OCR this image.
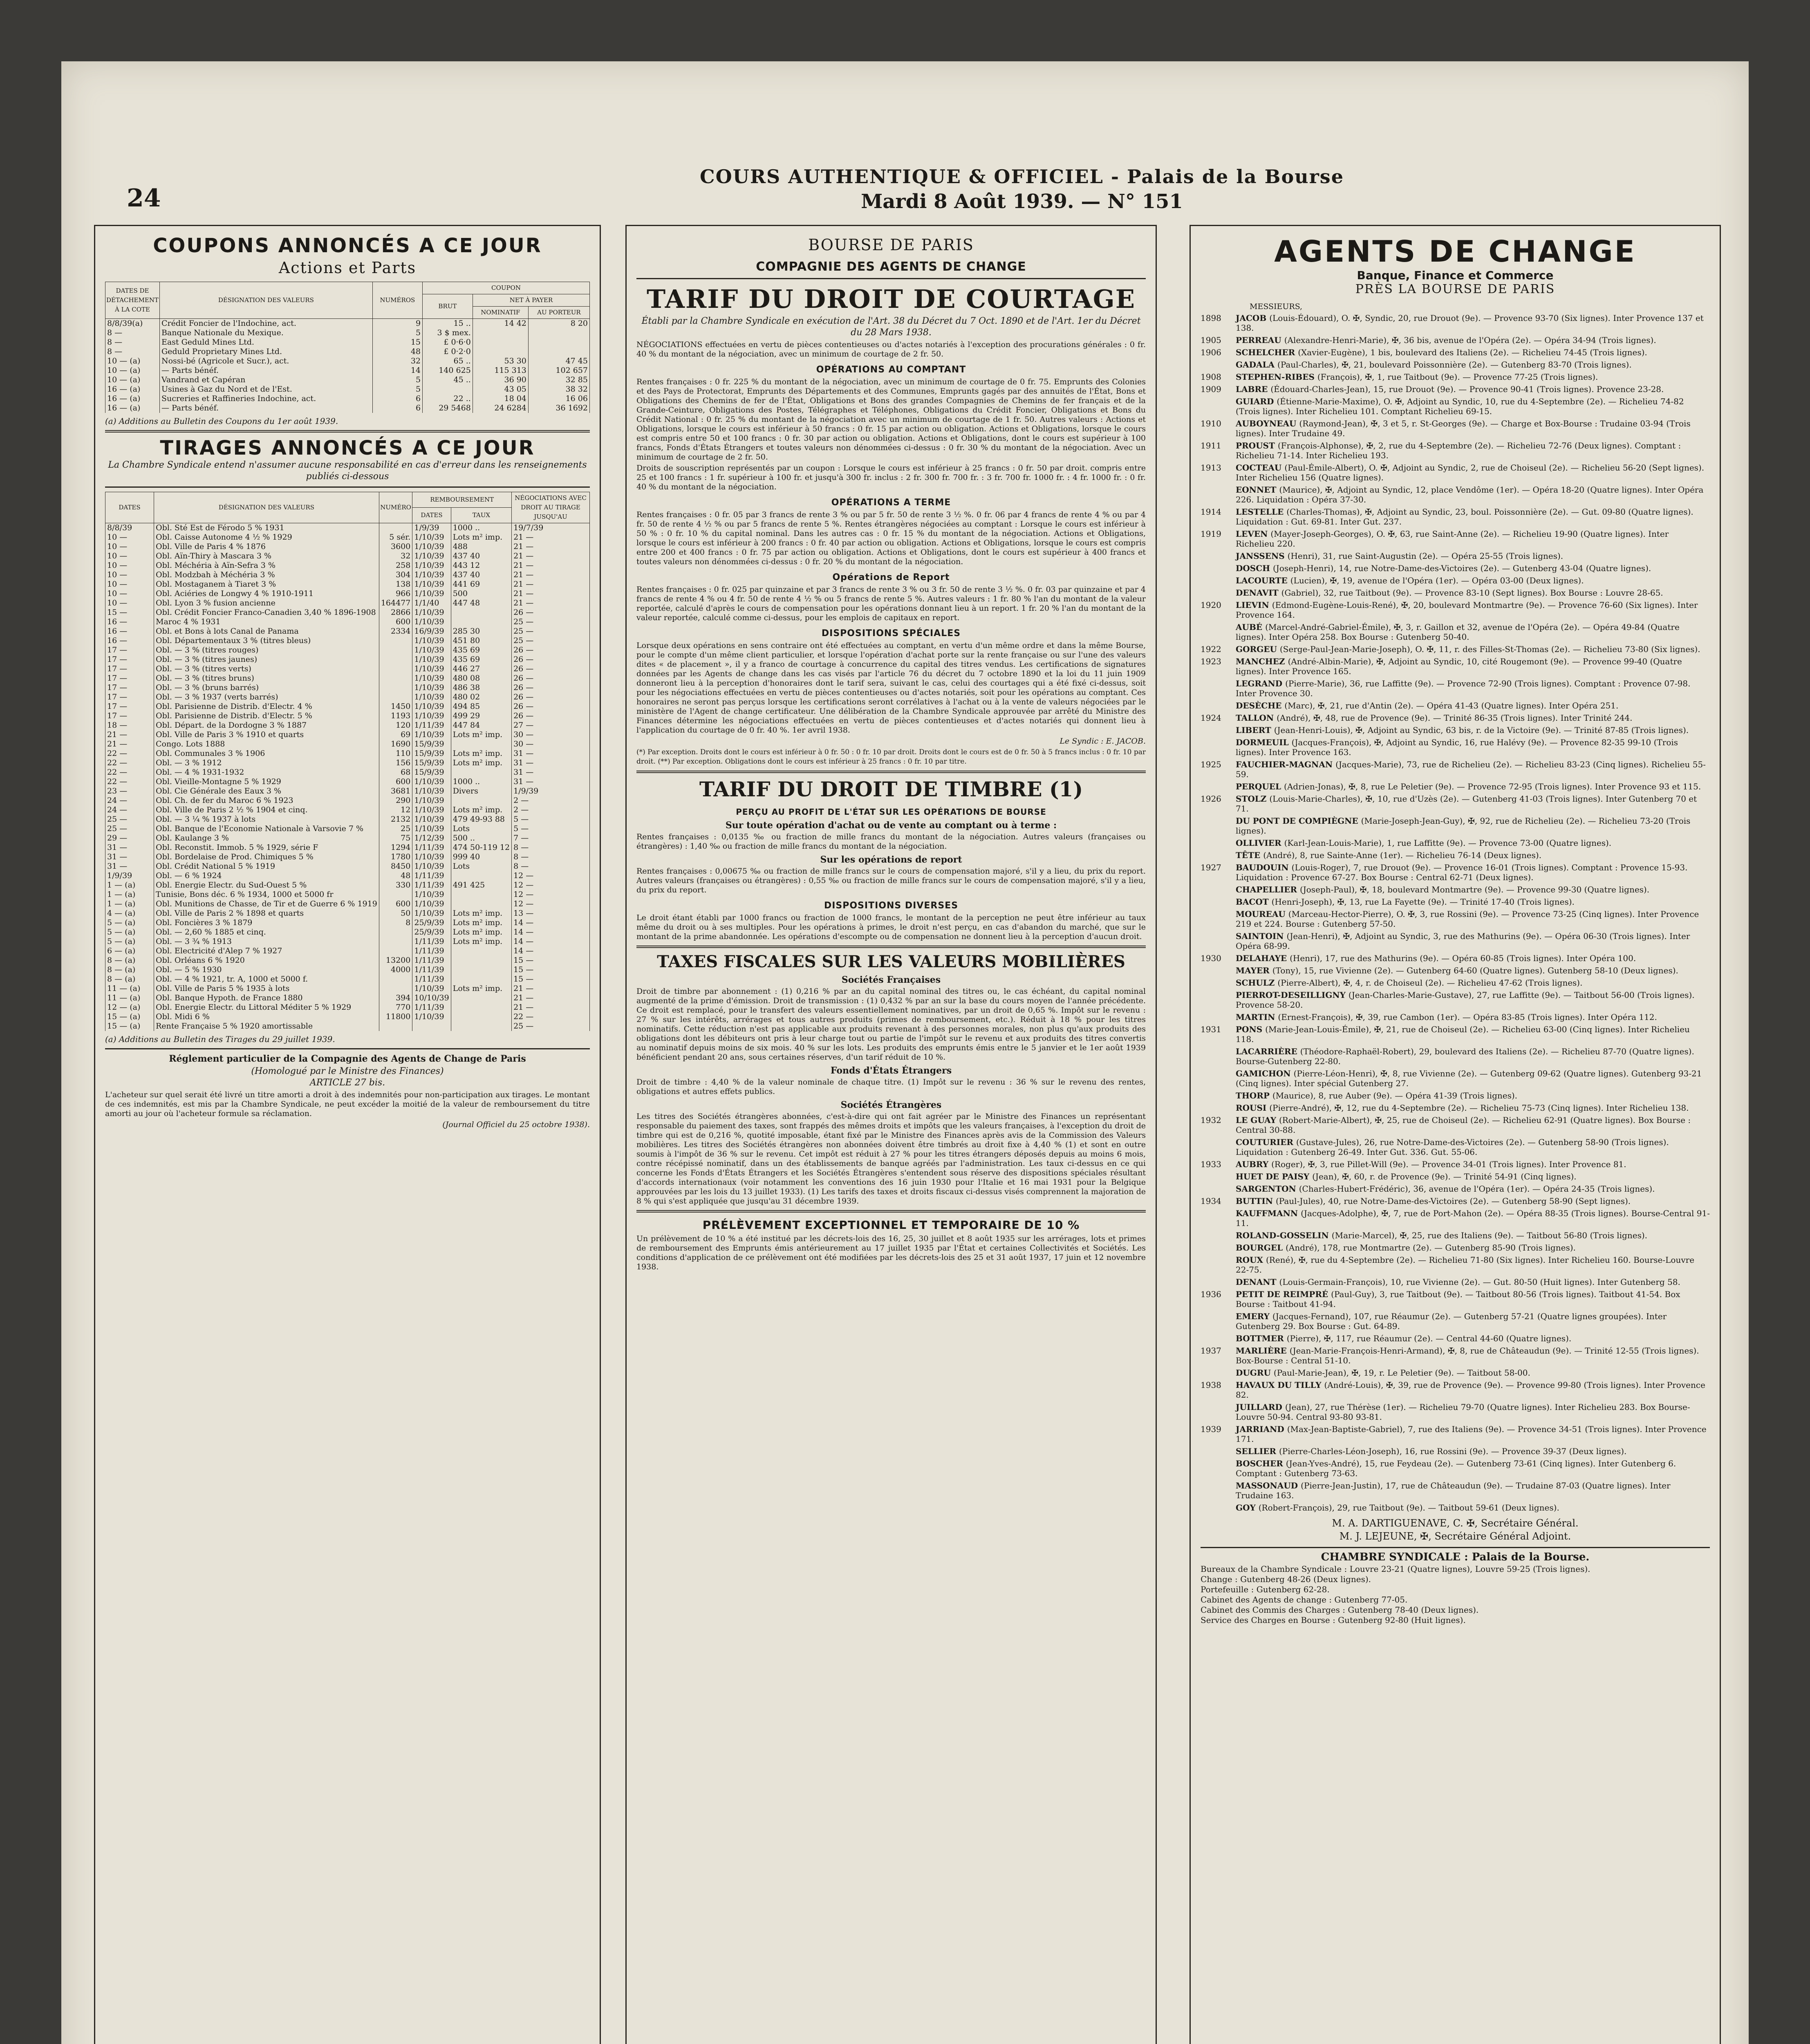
24
COURS AUTHENTIQUE & OFFICIEL - Palais de la Bourse
Mardi 8 Août 1939. — N° 151
COUPONS ANNONCÉS A CE JOUR
Actions et Parts
DATES DE DÉTACHEMENT À LA COTE	DÉSIGNATION DES VALEURS	NUMÉROS	COUPON		
			BRUT	NET À PAYER	
				NOMINATIF	AU PORTEUR
8/8/39(a)	Crédit Foncier de l'Indochine, act.	9	15 ..	14 42	8 20
8 —	Banque Nationale du Mexique.	5	3 $ mex.		
8 —	East Geduld Mines Ltd.	15	£ 0·6·0		
8 —	Geduld Proprietary Mines Ltd.	48	£ 0·2·0		
10 — (a)	Nossi-bé (Agricole et Sucr.), act.	32	65 ..	53 30	47 45
10 — (a)	— Parts bénéf.	14	140 625	115 313	102 657
10 — (a)	Vandrand et Capéran	5	45 ..	36 90	32 85
16 — (a)	Usines à Gaz du Nord et de l'Est.	5		43 05	38 32
16 — (a)	Sucreries et Raffineries Indochine, act.	6	22 ..	18 04	16 06
16 — (a)	— Parts bénéf.	6	29 5468	24 6284	36 1692
(a) Additions au Bulletin des Coupons du 1er août 1939.
TIRAGES ANNONCÉS A CE JOUR
La Chambre Syndicale entend n'assumer aucune responsabilité en cas d'erreur dans les renseignements publiés ci-dessous
DATES	DÉSIGNATION DES VALEURS	NUMÉRO	REMBOURSEMENT		NÉGOCIATIONS AVEC DROIT AU TIRAGE JUSQU'AU
			DATES	TAUX	
8/8/39	Obl. Sté Est de Férodo 5 % 1931		1/9/39	1000 ..	19/7/39
10 —	Obl. Caisse Autonome 4 ½ % 1929	5 sér.	1/10/39	Lots m² imp.	21 —
10 —	Obl. Ville de Paris 4 % 1876	3600	1/10/39	488	21 —
10 —	Obl. Aïn-Thiry à Mascara 3 %	32	1/10/39	437 40	21 —
10 —	Obl. Méchéria à Aïn-Sefra 3 %	258	1/10/39	443 12	21 —
10 —	Obl. Modzbah à Méchéria 3 %	304	1/10/39	437 40	21 —
10 —	Obl. Mostaganem à Tiaret 3 %	138	1/10/39	441 69	21 —
10 —	Obl. Aciéries de Longwy 4 % 1910-1911	966	1/10/39	500	21 —
10 —	Obl. Lyon 3 % fusion ancienne	164477	1/1/40	447 48	21 —
15 —	Obl. Crédit Foncier Franco-Canadien 3,40 % 1896-1908	2866	1/10/39		26 —
16 —	Maroc 4 % 1931	600	1/10/39		25 —
16 —	Obl. et Bons à lots Canal de Panama	2334	16/9/39	285 30	25 —
16 —	Obl. Départementaux 3 % (titres bleus)		1/10/39	451 80	25 —
17 —	Obl. — 3 % (titres rouges)		1/10/39	435 69	26 —
17 —	Obl. — 3 % (titres jaunes)		1/10/39	435 69	26 —
17 —	Obl. — 3 % (titres verts)		1/10/39	446 27	26 —
17 —	Obl. — 3 % (titres bruns)		1/10/39	480 08	26 —
17 —	Obl. — 3 % (bruns barrés)		1/10/39	486 38	26 —
17 —	Obl. — 3 % 1937 (verts barrés)		1/10/39	480 02	26 —
17 —	Obl. Parisienne de Distrib. d'Electr. 4 %	1450	1/10/39	494 85	26 —
17 —	Obl. Parisienne de Distrib. d'Electr. 5 %	1193	1/10/39	499 29	26 —
18 —	Obl. Départ. de la Dordogne 3 % 1887	120	1/11/39	447 84	27 —
21 —	Obl. Ville de Paris 3 % 1910 et quarts	69	1/10/39	Lots m² imp.	30 —
21 —	Congo. Lots 1888	1690	15/9/39		30 —
22 —	Obl. Communales 3 % 1906	110	15/9/39	Lots m² imp.	31 —
22 —	Obl. — 3 % 1912	156	15/9/39	Lots m² imp.	31 —
22 —	Obl. — 4 % 1931-1932	68	15/9/39		31 —
22 —	Obl. Vieille-Montagne 5 % 1929	600	1/10/39	1000 ..	31 —
23 —	Obl. Cie Générale des Eaux 3 %	3681	1/10/39	Divers	1/9/39
24 —	Obl. Ch. de fer du Maroc 6 % 1923	290	1/10/39		2 —
24 —	Obl. Ville de Paris 2 ½ % 1904 et cinq.	12	1/10/39	Lots m² imp.	2 —
25 —	Obl. — 3 ¼ % 1937 à lots	2132	1/10/39	479 49-93 88	5 —
25 —	Obl. Banque de l'Economie Nationale à Varsovie 7 %	25	1/10/39	Lots	5 —
29 —	Obl. Kaulange 3 %	75	1/12/39	500 ..	7 —
31 —	Obl. Reconstit. Immob. 5 % 1929, série F	1294	1/11/39	474 50-119 12	8 —
31 —	Obl. Bordelaise de Prod. Chimiques 5 %	1780	1/10/39	999 40	8 —
31 —	Obl. Crédit National 5 % 1919	8450	1/10/39	Lots	8 —
1/9/39	Obl. — 6 % 1924	48	1/11/39		12 —
1 — (a)	Obl. Energie Electr. du Sud-Ouest 5 %	330	1/11/39	491 425	12 —
1 — (a)	Tunisie, Bons déc. 6 % 1934, 1000 et 5000 fr		1/10/39		12 —
1 — (a)	Obl. Munitions de Chasse, de Tir et de Guerre 6 % 1919	600	1/10/39		12 —
4 — (a)	Obl. Ville de Paris 2 % 1898 et quarts	50	1/10/39	Lots m² imp.	13 —
5 — (a)	Obl. Foncières 3 % 1879	8	25/9/39	Lots m² imp.	14 —
5 — (a)	Obl. — 2,60 % 1885 et cinq.		25/9/39	Lots m² imp.	14 —
5 — (a)	Obl. — 3 ¾ % 1913		1/11/39	Lots m² imp.	14 —
6 — (a)	Obl. Electricité d'Alep 7 % 1927		1/11/39		14 —
8 — (a)	Obl. Orléans 6 % 1920	13200	1/11/39		15 —
8 — (a)	Obl. — 5 % 1930	4000	1/11/39		15 —
8 — (a)	Obl. — 4 % 1921, tr. A, 1000 et 5000 f.		1/11/39		15 —
11 — (a)	Obl. Ville de Paris 5 % 1935 à lots		1/10/39	Lots m² imp.	21 —
11 — (a)	Obl. Banque Hypoth. de France 1880	394	10/10/39		21 —
12 — (a)	Obl. Energie Electr. du Littoral Méditer 5 % 1929	770	1/11/39		21 —
15 — (a)	Obl. Midi 6 %	11800	1/10/39		22 —
15 — (a)	Rente Française 5 % 1920 amortissable				25 —
(a) Additions au Bulletin des Tirages du 29 juillet 1939.
Réglement particulier de la Compagnie des Agents de Change de Paris
(Homologué par le Ministre des Finances)
ARTICLE 27 bis.
L'acheteur sur quel serait été livré un titre amorti a droit à des indemnités pour non-participation aux tirages. Le montant de ces indemnités, est mis par la Chambre Syndicale, ne peut excéder la moitié de la valeur de remboursement du titre amorti au jour où l'acheteur formule sa réclamation.
(Journal Officiel du 25 octobre 1938).
BOURSE DE PARIS
COMPAGNIE DES AGENTS DE CHANGE
TARIF DU DROIT DE COURTAGE
Établi par la Chambre Syndicale en exécution de l'Art. 38 du Décret du 7 Oct. 1890 et de l'Art. 1er du Décret du 28 Mars 1938.
NÉGOCIATIONS effectuées en vertu de pièces contentieuses ou d'actes notariés à l'exception des procurations générales : 0 fr. 40 % du montant de la négociation, avec un minimum de courtage de 2 fr. 50.
OPÉRATIONS AU COMPTANT
Rentes françaises : 0 fr. 225 % du montant de la négociation, avec un minimum de courtage de 0 fr. 75. Emprunts des Colonies et des Pays de Protectorat, Emprunts des Départements et des Communes, Emprunts gagés par des annuités de l'État, Bons et Obligations des Chemins de fer de l'État, Obligations et Bons des grandes Compagnies de Chemins de fer français et de la Grande-Ceinture, Obligations des Postes, Télégraphes et Téléphones, Obligations du Crédit Foncier, Obligations et Bons du Crédit National : 0 fr. 25 % du montant de la négociation avec un minimum de courtage de 1 fr. 50. Autres valeurs : Actions et Obligations, lorsque le cours est inférieur à 50 francs : 0 fr. 15 par action ou obligation. Actions et Obligations, lorsque le cours est compris entre 50 et 100 francs : 0 fr. 30 par action ou obligation. Actions et Obligations, dont le cours est supérieur à 100 francs, Fonds d'États Étrangers et toutes valeurs non dénommées ci-dessus : 0 fr. 30 % du montant de la négociation. Avec un minimum de courtage de 2 fr. 50.
Droits de souscription représentés par un coupon : Lorsque le cours est inférieur à 25 francs : 0 fr. 50 par droit. compris entre 25 et 100 francs : 1 fr. supérieur à 100 fr. et jusqu'à 300 fr. inclus : 2 fr. 300 fr. 700 fr. : 3 fr. 700 fr. 1000 fr. : 4 fr. 1000 fr. : 0 fr. 40 % du montant de la négociation.
OPÉRATIONS A TERME
Rentes françaises : 0 fr. 05 par 3 francs de rente 3 % ou par 5 fr. 50 de rente 3 ½ %. 0 fr. 06 par 4 francs de rente 4 % ou par 4 fr. 50 de rente 4 ½ % ou par 5 francs de rente 5 %. Rentes étrangères négociées au comptant : Lorsque le cours est inférieur à 50 % : 0 fr. 10 % du capital nominal. Dans les autres cas : 0 fr. 15 % du montant de la négociation. Actions et Obligations, lorsque le cours est inférieur à 200 francs : 0 fr. 40 par action ou obligation. Actions et Obligations, lorsque le cours est compris entre 200 et 400 francs : 0 fr. 75 par action ou obligation. Actions et Obligations, dont le cours est supérieur à 400 francs et toutes valeurs non dénommées ci-dessus : 0 fr. 20 % du montant de la négociation.
Opérations de Report
Rentes françaises : 0 fr. 025 par quinzaine et par 3 francs de rente 3 % ou 3 fr. 50 de rente 3 ½ %. 0 fr. 03 par quinzaine et par 4 francs de rente 4 % ou 4 fr. 50 de rente 4 ½ % ou 5 francs de rente 5 %. Autres valeurs : 1 fr. 80 % l'an du montant de la valeur reportée, calculé d'après le cours de compensation pour les opérations donnant lieu à un report. 1 fr. 20 % l'an du montant de la valeur reportée, calculé comme ci-dessus, pour les emplois de capitaux en report.
DISPOSITIONS SPÉCIALES
Lorsque deux opérations en sens contraire ont été effectuées au comptant, en vertu d'un même ordre et dans la même Bourse, pour le compte d'un même client particulier, et lorsque l'opération d'achat porte sur la rente française ou sur l'une des valeurs dites « de placement », il y a franco de courtage à concurrence du capital des titres vendus. Les certifications de signatures données par les Agents de change dans les cas visés par l'article 76 du décret du 7 octobre 1890 et la loi du 11 juin 1909 donneront lieu à la perception d'honoraires dont le tarif sera, suivant le cas, celui des courtages qui a été fixé ci-dessus, soit pour les négociations effectuées en vertu de pièces contentieuses ou d'actes notariés, soit pour les opérations au comptant. Ces honoraires ne seront pas perçus lorsque les certifications seront corrélatives à l'achat ou à la vente de valeurs négociées par le ministère de l'Agent de change certificateur. Une délibération de la Chambre Syndicale approuvée par arrêté du Ministre des Finances détermine les négociations effectuées en vertu de pièces contentieuses et d'actes notariés qui donnent lieu à l'application du courtage de 0 fr. 40 %. 1er avril 1938.
Le Syndic : E. JACOB.
(*) Par exception. Droits dont le cours est inférieur à 0 fr. 50 : 0 fr. 10 par droit. Droits dont le cours est de 0 fr. 50 à 5 francs inclus : 0 fr. 10 par droit. (**) Par exception. Obligations dont le cours est inférieur à 25 francs : 0 fr. 10 par titre.
TARIF DU DROIT DE TIMBRE (1)
PERÇU AU PROFIT DE L'ÉTAT SUR LES OPÉRATIONS DE BOURSE
Sur toute opération d'achat ou de vente au comptant ou à terme :
Rentes françaises : 0,0135 ‰ ou fraction de mille francs du montant de la négociation. Autres valeurs (françaises ou étrangères) : 1,40 ‰ ou fraction de mille francs du montant de la négociation.
Sur les opérations de report
Rentes françaises : 0,00675 ‰ ou fraction de mille francs sur le cours de compensation majoré, s'il y a lieu, du prix du report. Autres valeurs (françaises ou étrangères) : 0,55 ‰ ou fraction de mille francs sur le cours de compensation majoré, s'il y a lieu, du prix du report.
DISPOSITIONS DIVERSES
Le droit étant établi par 1000 francs ou fraction de 1000 francs, le montant de la perception ne peut être inférieur au taux même du droit ou à ses multiples. Pour les opérations à primes, le droit n'est perçu, en cas d'abandon du marché, que sur le montant de la prime abandonnée. Les opérations d'escompte ou de compensation ne donnent lieu à la perception d'aucun droit.
TAXES FISCALES SUR LES VALEURS MOBILIÈRES
Sociétés Françaises
Droit de timbre par abonnement : (1) 0,216 % par an du capital nominal des titres ou, le cas échéant, du capital nominal augmenté de la prime d'émission. Droit de transmission : (1) 0,432 % par an sur la base du cours moyen de l'année précédente. Ce droit est remplacé, pour le transfert des valeurs essentiellement nominatives, par un droit de 0,65 %. Impôt sur le revenu : 27 % sur les intérêts, arrérages et tous autres produits (primes de remboursement, etc.). Réduit à 18 % pour les titres nominatifs. Cette réduction n'est pas applicable aux produits revenant à des personnes morales, non plus qu'aux produits des obligations dont les débiteurs ont pris à leur charge tout ou partie de l'impôt sur le revenu et aux produits des titres convertis au nominatif depuis moins de six mois. 40 % sur les lots. Les produits des emprunts émis entre le 5 janvier et le 1er août 1939 bénéficient pendant 20 ans, sous certaines réserves, d'un tarif réduit de 10 %.
Fonds d'États Étrangers
Droit de timbre : 4,40 % de la valeur nominale de chaque titre. (1) Impôt sur le revenu : 36 % sur le revenu des rentes, obligations et autres effets publics.
Sociétés Étrangères
Les titres des Sociétés étrangères abonnées, c'est-à-dire qui ont fait agréer par le Ministre des Finances un représentant responsable du paiement des taxes, sont frappés des mêmes droits et impôts que les valeurs françaises, à l'exception du droit de timbre qui est de 0,216 %, quotité imposable, étant fixé par le Ministre des Finances après avis de la Commission des Valeurs mobilières. Les titres des Sociétés étrangères non abonnées doivent être timbrés au droit fixe à 4,40 % (1) et sont en outre soumis à l'impôt de 36 % sur le revenu. Cet impôt est réduit à 27 % pour les titres étrangers déposés depuis au moins 6 mois, contre récépissé nominatif, dans un des établissements de banque agréés par l'administration. Les taux ci-dessus en ce qui concerne les Fonds d'États Étrangers et les Sociétés Étrangères s'entendent sous réserve des dispositions spéciales résultant d'accords internationaux (voir notamment les conventions des 16 juin 1930 pour l'Italie et 16 mai 1931 pour la Belgique approuvées par les lois du 13 juillet 1933). (1) Les tarifs des taxes et droits fiscaux ci-dessus visés comprennent la majoration de 8 % qui s'est appliquée que jusqu'au 31 décembre 1939.
PRÉLÈVEMENT EXCEPTIONNEL ET TEMPORAIRE DE 10 %
Un prélèvement de 10 % a été institué par les décrets-lois des 16, 25, 30 juillet et 8 août 1935 sur les arrérages, lots et primes de remboursement des Emprunts émis antérieurement au 17 juillet 1935 par l'État et certaines Collectivités et Sociétés. Les conditions d'application de ce prélèvement ont été modifiées par les décrets-lois des 25 et 31 août 1937, 17 juin et 12 novembre 1938.
AGENTS DE CHANGE
Banque, Finance et Commerce
PRÈS LA BOURSE DE PARIS
MESSIEURS,
1898 JACOB (Louis-Édouard), O. ✠, Syndic, 20, rue Drouot (9e). — Provence 93-70 (Six lignes). Inter Provence 137 et 138.
1905 PERREAU (Alexandre-Henri-Marie), ✠, 36 bis, avenue de l'Opéra (2e). — Opéra 34-94 (Trois lignes).
1906 SCHELCHER (Xavier-Eugène), 1 bis, boulevard des Italiens (2e). — Richelieu 74-45 (Trois lignes).
GADALA (Paul-Charles), ✠, 21, boulevard Poissonnière (2e). — Gutenberg 83-70 (Trois lignes).
1908 STEPHEN-RIBES (François), ✠, 1, rue Taitbout (9e). — Provence 77-25 (Trois lignes).
1909 LABRE (Édouard-Charles-Jean), 15, rue Drouot (9e). — Provence 90-41 (Trois lignes). Provence 23-28.
GUIARD (Étienne-Marie-Maxime), O. ✠, Adjoint au Syndic, 10, rue du 4-Septembre (2e). — Richelieu 74-82 (Trois lignes). Inter Richelieu 101. Comptant Richelieu 69-15.
1910 AUBOYNEAU (Raymond-Jean), ✠, 3 et 5, r. St-Georges (9e). — Charge et Box-Bourse : Trudaine 03-94 (Trois lignes). Inter Trudaine 49.
1911 PROUST (François-Alphonse), ✠, 2, rue du 4-Septembre (2e). — Richelieu 72-76 (Deux lignes). Comptant : Richelieu 71-14. Inter Richelieu 193.
1913 COCTEAU (Paul-Émile-Albert), O. ✠, Adjoint au Syndic, 2, rue de Choiseul (2e). — Richelieu 56-20 (Sept lignes). Inter Richelieu 156 (Quatre lignes).
EONNET (Maurice), ✠, Adjoint au Syndic, 12, place Vendôme (1er). — Opéra 18-20 (Quatre lignes). Inter Opéra 226. Liquidation : Opéra 37-30.
1914 LESTELLE (Charles-Thomas), ✠, Adjoint au Syndic, 23, boul. Poissonnière (2e). — Gut. 09-80 (Quatre lignes). Liquidation : Gut. 69-81. Inter Gut. 237.
1919 LEVEN (Mayer-Joseph-Georges), O. ✠, 63, rue Saint-Anne (2e). — Richelieu 19-90 (Quatre lignes). Inter Richelieu 220.
JANSSENS (Henri), 31, rue Saint-Augustin (2e). — Opéra 25-55 (Trois lignes).
DOSCH (Joseph-Henri), 14, rue Notre-Dame-des-Victoires (2e). — Gutenberg 43-04 (Quatre lignes).
LACOURTE (Lucien), ✠, 19, avenue de l'Opéra (1er). — Opéra 03-00 (Deux lignes).
DENAVIT (Gabriel), 32, rue Taitbout (9e). — Provence 83-10 (Sept lignes). Box Bourse : Louvre 28-65.
1920 LIEVIN (Edmond-Eugène-Louis-René), ✠, 20, boulevard Montmartre (9e). — Provence 76-60 (Six lignes). Inter Provence 164.
AUBÉ (Marcel-André-Gabriel-Émile), ✠, 3, r. Gaillon et 32, avenue de l'Opéra (2e). — Opéra 49-84 (Quatre lignes). Inter Opéra 258. Box Bourse : Gutenberg 50-40.
1922 GORGEU (Serge-Paul-Jean-Marie-Joseph), O. ✠, 11, r. des Filles-St-Thomas (2e). — Richelieu 73-80 (Six lignes).
1923 MANCHEZ (André-Albin-Marie), ✠, Adjoint au Syndic, 10, cité Rougemont (9e). — Provence 99-40 (Quatre lignes). Inter Provence 165.
LEGRAND (Pierre-Marie), 36, rue Laffitte (9e). — Provence 72-90 (Trois lignes). Comptant : Provence 07-98. Inter Provence 30.
DESÈCHE (Marc), ✠, 21, rue d'Antin (2e). — Opéra 41-43 (Quatre lignes). Inter Opéra 251.
1924 TALLON (André), ✠, 48, rue de Provence (9e). — Trinité 86-35 (Trois lignes). Inter Trinité 244.
LIBERT (Jean-Henri-Louis), ✠, Adjoint au Syndic, 63 bis, r. de la Victoire (9e). — Trinité 87-85 (Trois lignes).
DORMEUIL (Jacques-François), ✠, Adjoint au Syndic, 16, rue Halévy (9e). — Provence 82-35 99-10 (Trois lignes). Inter Provence 163.
1925 FAUCHIER-MAGNAN (Jacques-Marie), 73, rue de Richelieu (2e). — Richelieu 83-23 (Cinq lignes). Richelieu 55-59.
PERQUEL (Adrien-Jonas), ✠, 8, rue Le Peletier (9e). — Provence 72-95 (Trois lignes). Inter Provence 93 et 115.
1926 STOLZ (Louis-Marie-Charles), ✠, 10, rue d'Uzès (2e). — Gutenberg 41-03 (Trois lignes). Inter Gutenberg 70 et 71.
DU PONT DE COMPIÈGNE (Marie-Joseph-Jean-Guy), ✠, 92, rue de Richelieu (2e). — Richelieu 73-20 (Trois lignes).
OLLIVIER (Karl-Jean-Louis-Marie), 1, rue Laffitte (9e). — Provence 73-00 (Quatre lignes).
TÊTE (André), 8, rue Sainte-Anne (1er). — Richelieu 76-14 (Deux lignes).
1927 BAUDOUIN (Louis-Roger), 7, rue Drouot (9e). — Provence 16-01 (Trois lignes). Comptant : Provence 15-93. Liquidation : Provence 67-27. Box Bourse : Central 62-71 (Deux lignes).
CHAPELLIER (Joseph-Paul), ✠, 18, boulevard Montmartre (9e). — Provence 99-30 (Quatre lignes).
BACOT (Henri-Joseph), ✠, 13, rue La Fayette (9e). — Trinité 17-40 (Trois lignes).
MOUREAU (Marceau-Hector-Pierre), O. ✠, 3, rue Rossini (9e). — Provence 73-25 (Cinq lignes). Inter Provence 219 et 224. Bourse : Gutenberg 57-50.
SAINTOIN (Jean-Henri), ✠, Adjoint au Syndic, 3, rue des Mathurins (9e). — Opéra 06-30 (Trois lignes). Inter Opéra 68-99.
1930 DELAHAYE (Henri), 17, rue des Mathurins (9e). — Opéra 60-85 (Trois lignes). Inter Opéra 100.
MAYER (Tony), 15, rue Vivienne (2e). — Gutenberg 64-60 (Quatre lignes). Gutenberg 58-10 (Deux lignes).
SCHULZ (Pierre-Albert), ✠, 4, r. de Choiseul (2e). — Richelieu 47-62 (Trois lignes).
PIERROT-DESEILLIGNY (Jean-Charles-Marie-Gustave), 27, rue Laffitte (9e). — Taitbout 56-00 (Trois lignes). Provence 58-20.
MARTIN (Ernest-François), ✠, 39, rue Cambon (1er). — Opéra 83-85 (Trois lignes). Inter Opéra 112.
1931 PONS (Marie-Jean-Louis-Émile), ✠, 21, rue de Choiseul (2e). — Richelieu 63-00 (Cinq lignes). Inter Richelieu 118.
LACARRIÈRE (Théodore-Raphaël-Robert), 29, boulevard des Italiens (2e). — Richelieu 87-70 (Quatre lignes). Bourse-Gutenberg 22-80.
GAMICHON (Pierre-Léon-Henri), ✠, 8, rue Vivienne (2e). — Gutenberg 09-62 (Quatre lignes). Gutenberg 93-21 (Cinq lignes). Inter spécial Gutenberg 27.
THORP (Maurice), 8, rue Auber (9e). — Opéra 41-39 (Trois lignes).
ROUSI (Pierre-André), ✠, 12, rue du 4-Septembre (2e). — Richelieu 75-73 (Cinq lignes). Inter Richelieu 138.
1932 LE GUAY (Robert-Marie-Albert), ✠, 25, rue de Choiseul (2e). — Richelieu 62-91 (Quatre lignes). Box Bourse : Central 30-88.
COUTURIER (Gustave-Jules), 26, rue Notre-Dame-des-Victoires (2e). — Gutenberg 58-90 (Trois lignes). Liquidation : Gutenberg 26-49. Inter Gut. 336. Gut. 55-06.
1933 AUBRY (Roger), ✠, 3, rue Pillet-Will (9e). — Provence 34-01 (Trois lignes). Inter Provence 81.
HUET DE PAISY (Jean), ✠, 60, r. de Provence (9e). — Trinité 54-91 (Cinq lignes).
SARGENTON (Charles-Hubert-Frédéric), 36, avenue de l'Opéra (1er). — Opéra 24-35 (Trois lignes).
1934 BUTTIN (Paul-Jules), 40, rue Notre-Dame-des-Victoires (2e). — Gutenberg 58-90 (Sept lignes).
KAUFFMANN (Jacques-Adolphe), ✠, 7, rue de Port-Mahon (2e). — Opéra 88-35 (Trois lignes). Bourse-Central 91-11.
ROLAND-GOSSELIN (Marie-Marcel), ✠, 25, rue des Italiens (9e). — Taitbout 56-80 (Trois lignes).
BOURGEL (André), 178, rue Montmartre (2e). — Gutenberg 85-90 (Trois lignes).
ROUX (René), ✠, rue du 4-Septembre (2e). — Richelieu 71-80 (Six lignes). Inter Richelieu 160. Bourse-Louvre 22-75.
DENANT (Louis-Germain-François), 10, rue Vivienne (2e). — Gut. 80-50 (Huit lignes). Inter Gutenberg 58.
1936 PETIT DE REIMPRÉ (Paul-Guy), 3, rue Taitbout (9e). — Taitbout 80-56 (Trois lignes). Taitbout 41-54. Box Bourse : Taitbout 41-94.
EMERY (Jacques-Fernand), 107, rue Réaumur (2e). — Gutenberg 57-21 (Quatre lignes groupées). Inter Gutenberg 29. Box Bourse : Gut. 64-89.
BOTTMER (Pierre), ✠, 117, rue Réaumur (2e). — Central 44-60 (Quatre lignes).
1937 MARLIÈRE (Jean-Marie-François-Henri-Armand), ✠, 8, rue de Châteaudun (9e). — Trinité 12-55 (Trois lignes). Box-Bourse : Central 51-10.
DUGRU (Paul-Marie-Jean), ✠, 19, r. Le Peletier (9e). — Taitbout 58-00.
1938 HAVAUX DU TILLY (André-Louis), ✠, 39, rue de Provence (9e). — Provence 99-80 (Trois lignes). Inter Provence 82.
JUILLARD (Jean), 27, rue Thérèse (1er). — Richelieu 79-70 (Quatre lignes). Inter Richelieu 283. Box Bourse-Louvre 50-94. Central 93-80 93-81.
1939 JARRIAND (Max-Jean-Baptiste-Gabriel), 7, rue des Italiens (9e). — Provence 34-51 (Trois lignes). Inter Provence 171.
SELLIER (Pierre-Charles-Léon-Joseph), 16, rue Rossini (9e). — Provence 39-37 (Deux lignes).
BOSCHER (Jean-Yves-André), 15, rue Feydeau (2e). — Gutenberg 73-61 (Cinq lignes). Inter Gutenberg 6. Comptant : Gutenberg 73-63.
MASSONAUD (Pierre-Jean-Justin), 17, rue de Châteaudun (9e). — Trudaine 87-03 (Quatre lignes). Inter Trudaine 163.
GOY (Robert-François), 29, rue Taitbout (9e). — Taitbout 59-61 (Deux lignes).
M. A. DARTIGUENAVE, C. ✠, Secrétaire Général.
M. J. LEJEUNE, ✠, Secrétaire Général Adjoint.
CHAMBRE SYNDICALE : Palais de la Bourse.
Bureaux de la Chambre Syndicale : Louvre 23-21 (Quatre lignes), Louvre 59-25 (Trois lignes).
Change : Gutenberg 48-26 (Deux lignes).
Portefeuille : Gutenberg 62-28.
Cabinet des Agents de change : Gutenberg 77-05.
Cabinet des Commis des Charges : Gutenberg 78-40 (Deux lignes).
Service des Charges en Bourse : Gutenberg 92-80 (Huit lignes).
